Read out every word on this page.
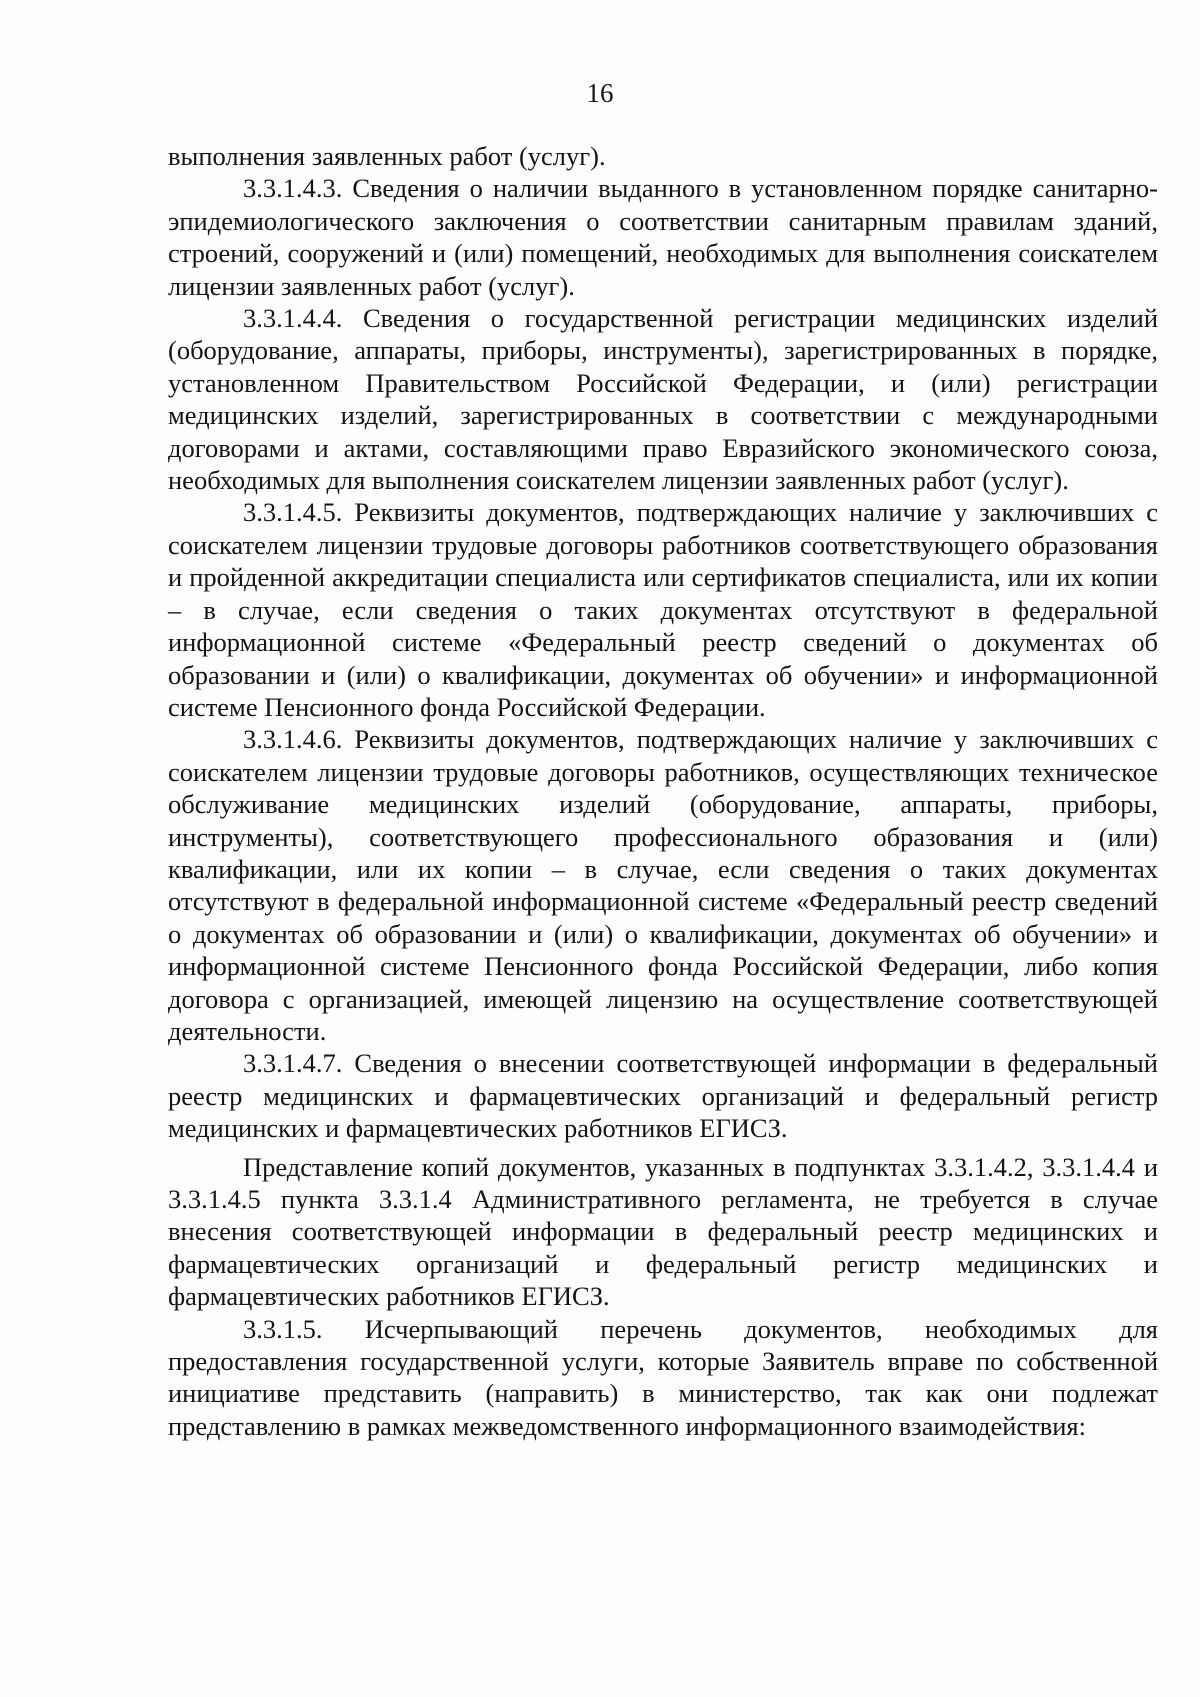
16

выполнения заявленных работ (услуг).

3.3.1.4.3. Сведения о наличии выданного в установленном порядке санитарно-эпидемиологического заключения о соответствии санитарным правилам зданий, строений, сооружений и (или) помещений, необходимых для выполнения соискателем лицензии заявленных работ (услуг).

3.3.1.4.4. Сведения о государственной регистрации медицинских изделий (оборудование, аппараты, приборы, инструменты), зарегистрированных в порядке, установленном Правительством Российской Федерации, и (или) регистрации медицинских изделий, зарегистрированных в соответствии с международными договорами и актами, составляющими право Евразийского экономического союза, необходимых для выполнения соискателем лицензии заявленных работ (услуг).

3.3.1.4.5. Реквизиты документов, подтверждающих наличие у заключивших с соискателем лицензии трудовые договоры работников соответствующего образования и пройденной аккредитации специалиста или сертификатов специалиста, или их копии – в случае, если сведения о таких документах отсутствуют в федеральной информационной системе «Федеральный реестр сведений о документах об образовании и (или) о квалификации, документах об обучении» и информационной системе Пенсионного фонда Российской Федерации.

3.3.1.4.6. Реквизиты документов, подтверждающих наличие у заключивших с соискателем лицензии трудовые договоры работников, осуществляющих техническое обслуживание медицинских изделий (оборудование, аппараты, приборы, инструменты), соответствующего профессионального образования и (или) квалификации, или их копии – в случае, если сведения о таких документах отсутствуют в федеральной информационной системе «Федеральный реестр сведений о документах об образовании и (или) о квалификации, документах об обучении» и информационной системе Пенсионного фонда Российской Федерации, либо копия договора с организацией, имеющей лицензию на осуществление соответствующей деятельности.

3.3.1.4.7. Сведения о внесении соответствующей информации в федеральный реестр медицинских и фармацевтических организаций и федеральный регистр медицинских и фармацевтических работников ЕГИСЗ.

Представление копий документов, указанных в подпунктах 3.3.1.4.2, 3.3.1.4.4 и 3.3.1.4.5 пункта 3.3.1.4 Административного регламента, не требуется в случае внесения соответствующей информации в федеральный реестр медицинских и фармацевтических организаций и федеральный регистр медицинских и фармацевтических работников ЕГИСЗ.

3.3.1.5. Исчерпывающий перечень документов, необходимых для предоставления государственной услуги, которые Заявитель вправе по собственной инициативе представить (направить) в министерство, так как они подлежат представлению в рамках межведомственного информационного взаимодействия:
